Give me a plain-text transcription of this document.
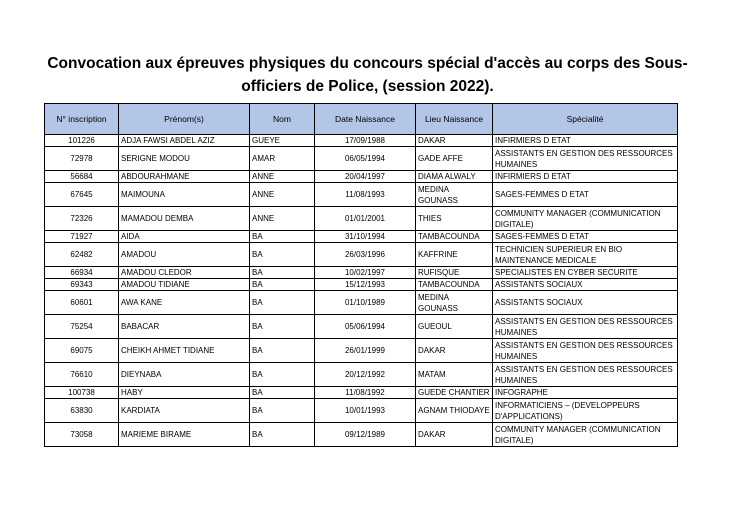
Convocation aux épreuves physiques du concours spécial d'accès au corps des Sous-
officiers de Police, (session 2022).
N° inscription	Prénom(s)	Nom	Date Naissance	Lieu Naissance	Spécialité
101226	ADJA FAWSI ABDEL AZIZ	GUEYE	17/09/1988	DAKAR	INFIRMIERS D ETAT
72978	SERIGNE MODOU	AMAR	06/05/1994	GADE AFFE	ASSISTANTS EN GESTION DES RESSOURCES HUMAINES
56684	ABDOURAHMANE	ANNE	20/04/1997	DIAMA ALWALY	INFIRMIERS D ETAT
67645	MAIMOUNA	ANNE	11/08/1993	MEDINA GOUNASS	SAGES-FEMMES D ETAT
72326	MAMADOU DEMBA	ANNE	01/01/2001	THIES	COMMUNITY MANAGER (COMMUNICATION DIGITALE)
71927	AIDA	BA	31/10/1994	TAMBACOUNDA	SAGES-FEMMES D ETAT
62482	AMADOU	BA	26/03/1996	KAFFRINE	TECHNICIEN SUPERIEUR EN BIO MAINTENANCE MEDICALE
66934	AMADOU CLEDOR	BA	10/02/1997	RUFISQUE	SPECIALISTES EN CYBER SECURITE
69343	AMADOU TIDIANE	BA	15/12/1993	TAMBACOUNDA	ASSISTANTS SOCIAUX
60601	AWA KANE	BA	01/10/1989	MEDINA GOUNASS	ASSISTANTS SOCIAUX
75254	BABACAR	BA	05/06/1994	GUEOUL	ASSISTANTS EN GESTION DES RESSOURCES HUMAINES
69075	CHEIKH AHMET TIDIANE	BA	26/01/1999	DAKAR	ASSISTANTS EN GESTION DES RESSOURCES HUMAINES
76610	DIEYNABA	BA	20/12/1992	MATAM	ASSISTANTS EN GESTION DES RESSOURCES HUMAINES
100738	HABY	BA	11/08/1992	GUEDE CHANTIER	INFOGRAPHE
63830	KARDIATA	BA	10/01/1993	AGNAM THIODAYE	INFORMATICIENS – (DEVELOPPEURS D'APPLICATIONS)
73058	MARIEME BIRAME	BA	09/12/1989	DAKAR	COMMUNITY MANAGER (COMMUNICATION DIGITALE)
